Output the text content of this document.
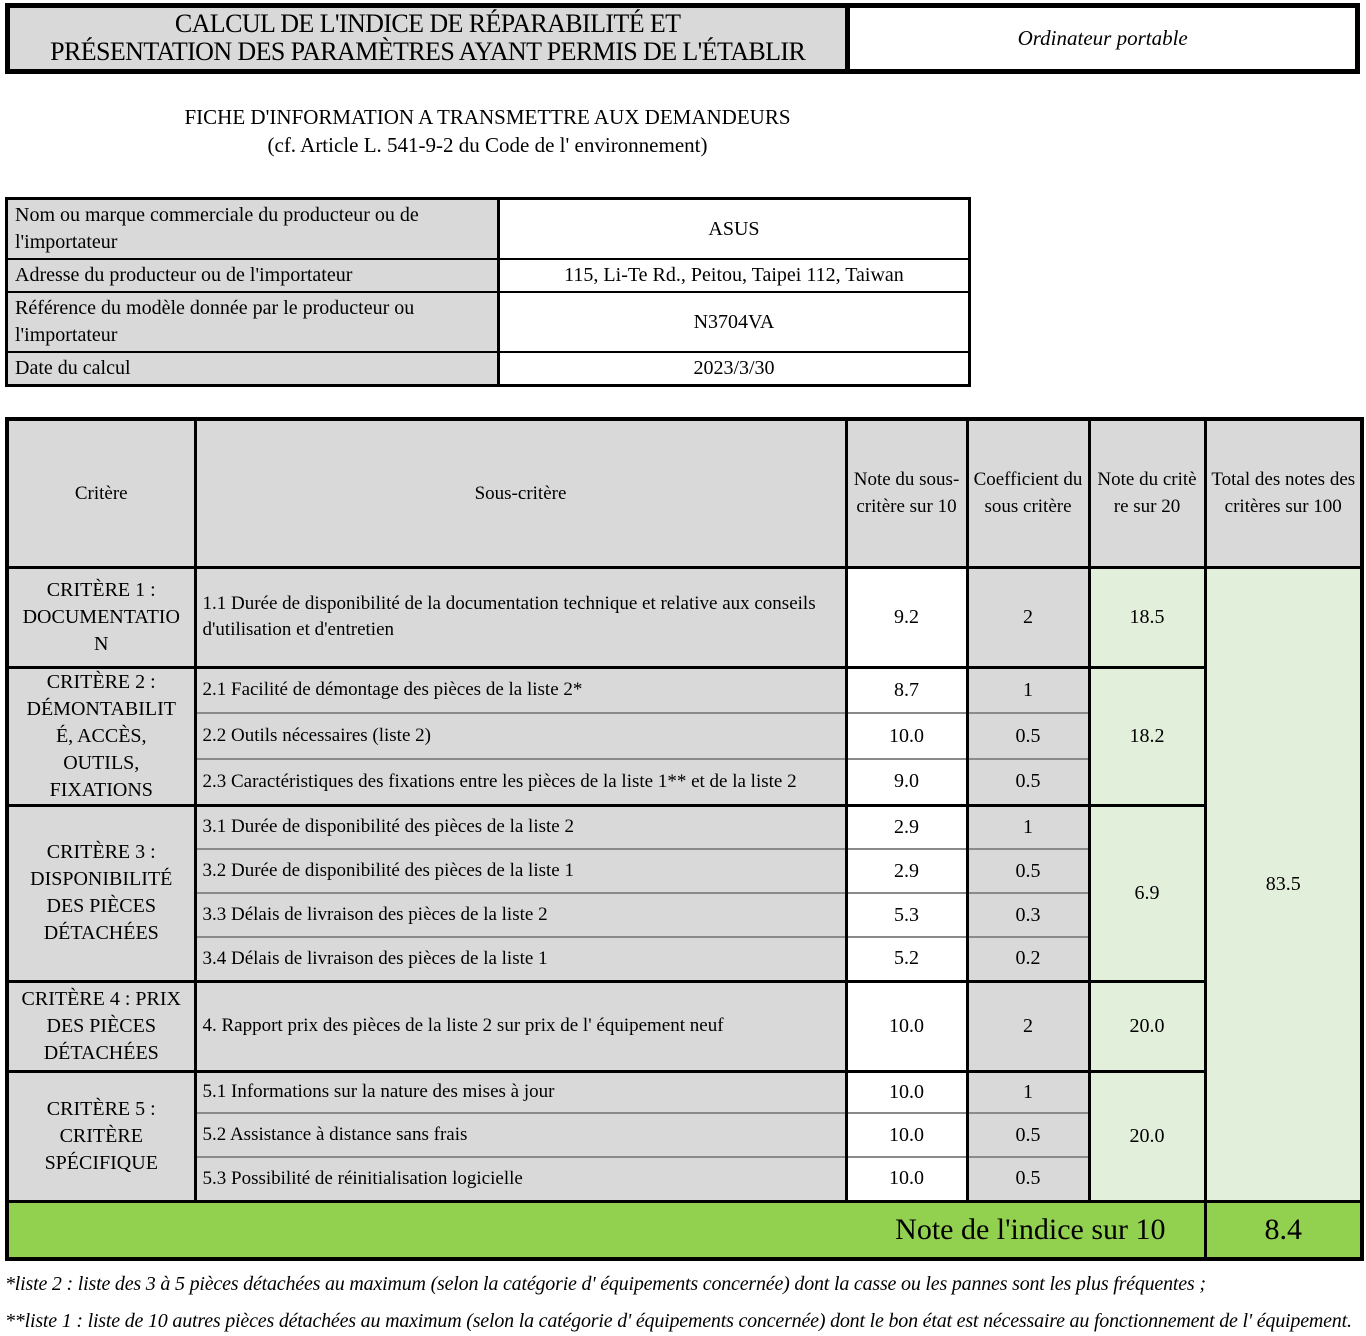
CALCUL DE L'INDICE DE RÉPARABILITÉ ET
PRÉSENTATION DES PARAMÈTRES AYANT PERMIS DE L'ÉTABLIR	Ordinateur portable
FICHE D'INFORMATION A TRANSMETTRE AUX DEMANDEURS
(cf. Article L. 541-9-2 du Code de l' environnement)
Nom ou marque commerciale du producteur ou de l'importateur	ASUS
Adresse du producteur ou de l'importateur	115, Li-Te Rd., Peitou, Taipei 112, Taiwan
Référence du modèle donnée par le producteur ou l'importateur	N3704VA
Date du calcul	2023/3/30
Critère	Sous-critère	Note du sous-critère sur 10	Coefficient du sous critère	Note du critère sur 20	Total des notes des critères sur 100
CRITÈRE 1 : DOCUMENTATION	1.1 Durée de disponibilité de la documentation technique et relative aux conseils d'utilisation et d'entretien	9.2	2	18.5	83.5
CRITÈRE 2 : DÉMONTABILITÉ, ACCÈS, OUTILS, FIXATIONS	2.1 Facilité de démontage des pièces de la liste 2*	8.7	1	18.2	
	2.2 Outils nécessaires (liste 2)	10.0	0.5		
	2.3 Caractéristiques des fixations entre les pièces de la liste 1** et de la liste 2	9.0	0.5		
CRITÈRE 3 : DISPONIBILITÉ DES PIÈCES DÉTACHÉES	3.1 Durée de disponibilité des pièces de la liste 2	2.9	1	6.9	
	3.2 Durée de disponibilité des pièces de la liste 1	2.9	0.5		
	3.3 Délais de livraison des pièces de la liste 2	5.3	0.3		
	3.4 Délais de livraison des pièces de la liste 1	5.2	0.2		
CRITÈRE 4 : PRIX DES PIÈCES DÉTACHÉES	4. Rapport prix des pièces de la liste 2 sur prix de l' équipement neuf	10.0	2	20.0	
CRITÈRE 5 : CRITÈRE SPÉCIFIQUE	5.1 Informations sur la nature des mises à jour	10.0	1	20.0	
	5.2 Assistance à distance sans frais	10.0	0.5		
	5.3 Possibilité de réinitialisation logicielle	10.0	0.5		
Note de l'indice sur 10					8.4

*liste 2 : liste des 3 à 5 pièces détachées au maximum (selon la catégorie d' équipements concernée) dont la casse ou les pannes sont les plus fréquentes ;

**liste 1 : liste de 10 autres pièces détachées au maximum (selon la catégorie d' équipements concernée) dont le bon état est nécessaire au fonctionnement de l' équipement.
